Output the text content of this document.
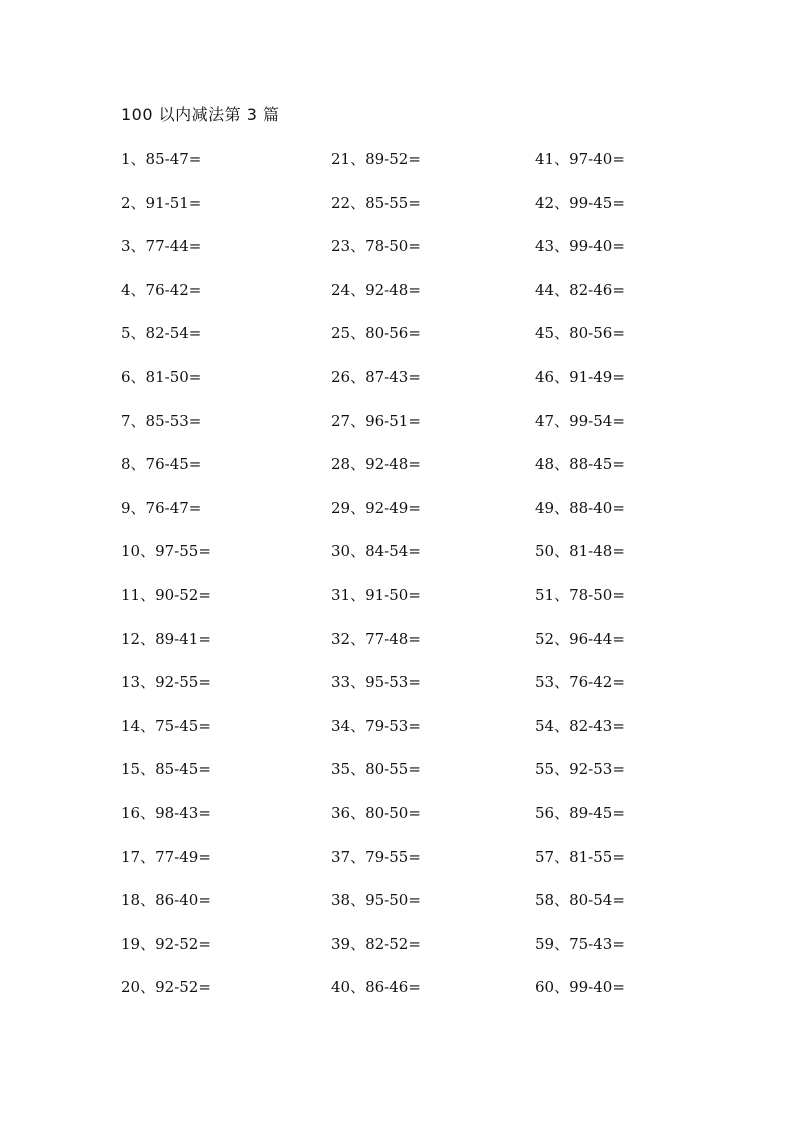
100 以内减法第 3 篇
1、85-47=
2、91-51=
3、77-44=
4、76-42=
5、82-54=
6、81-50=
7、85-53=
8、76-45=
9、76-47=
10、97-55=
11、90-52=
12、89-41=
13、92-55=
14、75-45=
15、85-45=
16、98-43=
17、77-49=
18、86-40=
19、92-52=
20、92-52=
21、89-52=
22、85-55=
23、78-50=
24、92-48=
25、80-56=
26、87-43=
27、96-51=
28、92-48=
29、92-49=
30、84-54=
31、91-50=
32、77-48=
33、95-53=
34、79-53=
35、80-55=
36、80-50=
37、79-55=
38、95-50=
39、82-52=
40、86-46=
41、97-40=
42、99-45=
43、99-40=
44、82-46=
45、80-56=
46、91-49=
47、99-54=
48、88-45=
49、88-40=
50、81-48=
51、78-50=
52、96-44=
53、76-42=
54、82-43=
55、92-53=
56、89-45=
57、81-55=
58、80-54=
59、75-43=
60、99-40=
